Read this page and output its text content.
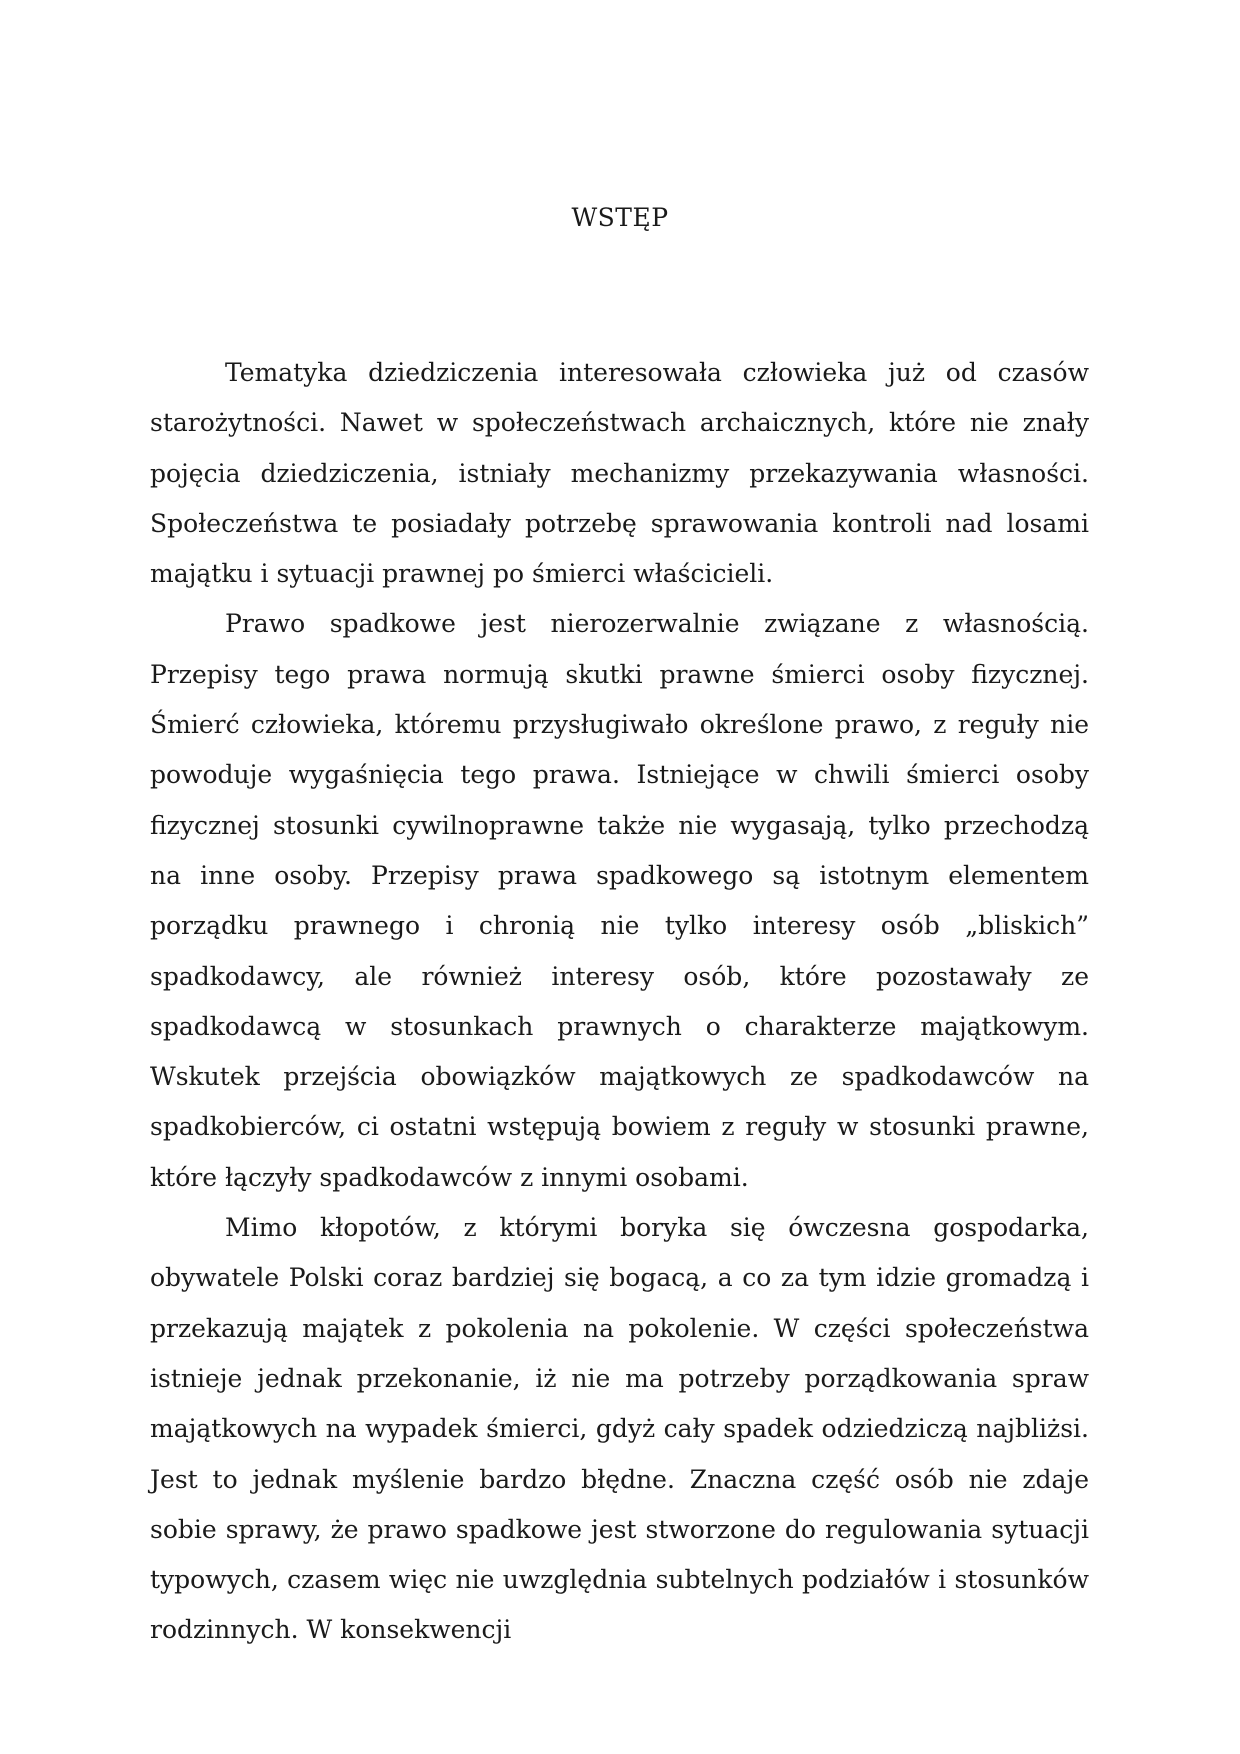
WSTĘP

Tematyka dziedziczenia interesowała człowieka już od czasów starożytności. Nawet w społeczeństwach archaicznych, które nie znały pojęcia dziedziczenia, istniały mechanizmy przekazywania własności. Społeczeństwa te posiadały potrzebę sprawowania kontroli nad losami majątku i sytuacji prawnej po śmierci właścicieli.

Prawo spadkowe jest nierozerwalnie związane z własnością. Przepisy tego prawa normują skutki prawne śmierci osoby fizycznej. Śmierć człowieka, któremu przysługiwało określone prawo, z reguły nie powoduje wygaśnięcia tego prawa. Istniejące w chwili śmierci osoby fizycznej stosunki cywilnoprawne także nie wygasają, tylko przechodzą na inne osoby. Przepisy prawa spadkowego są istotnym elementem porządku prawnego i chronią nie tylko interesy osób „bliskich” spadkodawcy, ale również interesy osób, które pozostawały ze spadkodawcą w stosunkach prawnych o charakterze majątkowym. Wskutek przejścia obowiązków majątkowych ze spadkodawców na spadkobierców, ci ostatni wstępują bowiem z reguły w stosunki prawne, które łączyły spadkodawców z innymi osobami.

Mimo kłopotów, z którymi boryka się ówczesna gospodarka, obywatele Polski coraz bardziej się bogacą, a co za tym idzie gromadzą i przekazują majątek z pokolenia na pokolenie. W części społeczeństwa istnieje jednak przekonanie, iż nie ma potrzeby porządkowania spraw majątkowych na wypadek śmierci, gdyż cały spadek odziedziczą najbliżsi. Jest to jednak myślenie bardzo błędne. Znaczna część osób nie zdaje sobie sprawy, że prawo spadkowe jest stworzone do regulowania sytuacji typowych, czasem więc nie uwzględnia subtelnych podziałów i stosunków rodzinnych. W konsekwencji
